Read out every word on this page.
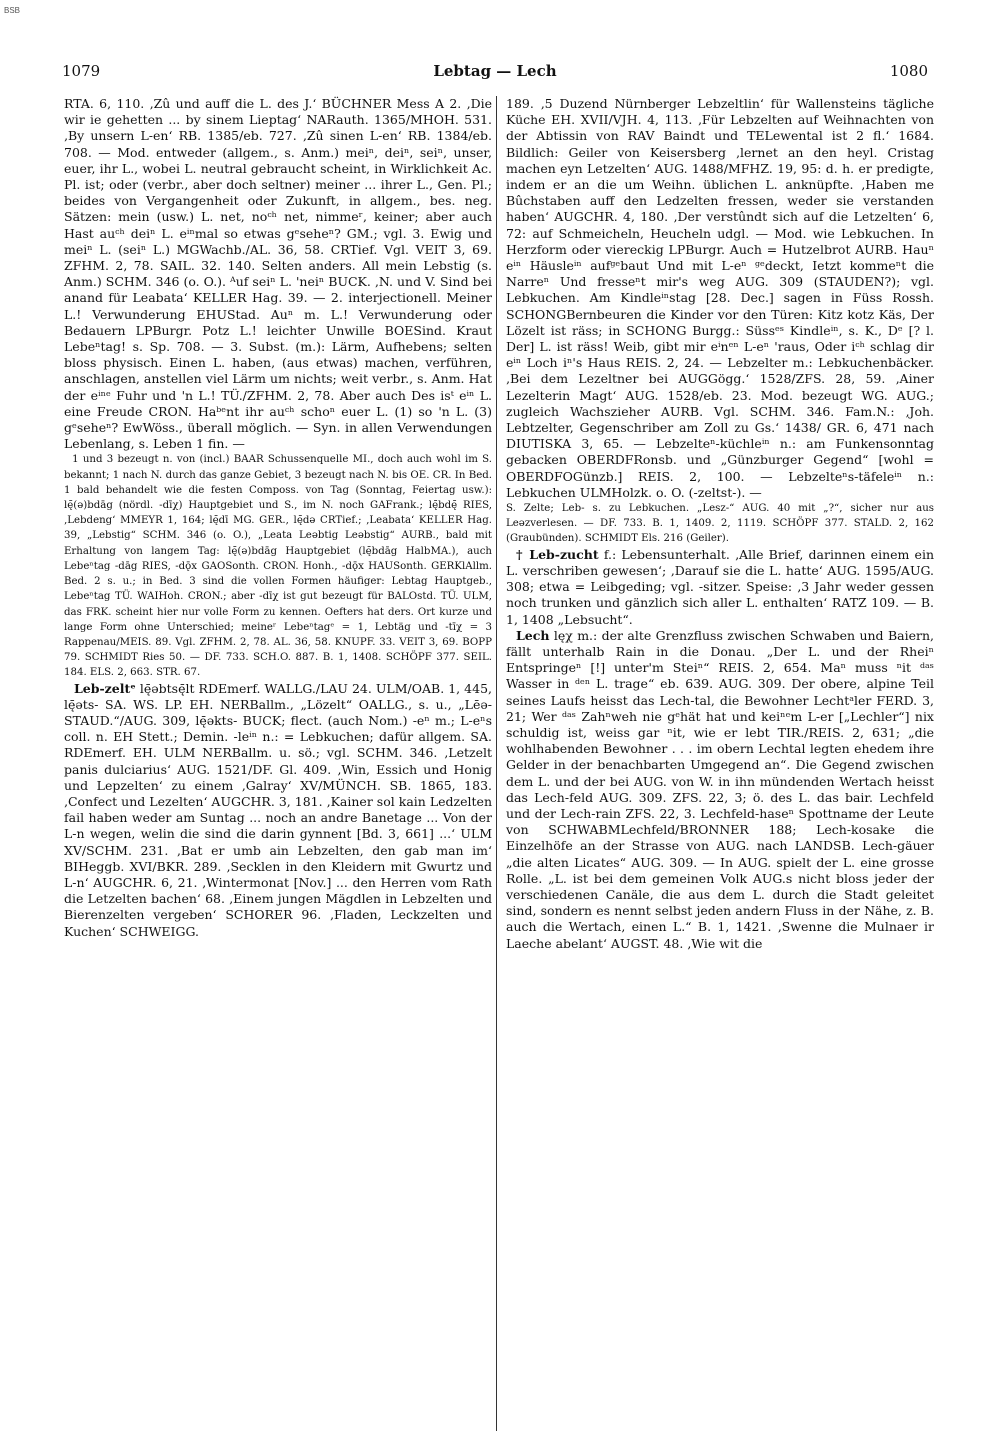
BSB
1079	Lebtag — Lech	1080

RTA. 6, 110. ‚Zû und auff die L. des J.‘ BÜCHNER Mess A 2. ‚Die wir ie gehetten ... by sinem Lieptag‘ NARauth. 1365/MHOH. 531. ‚By unsern L-en‘ RB. 1385/eb. 727. ‚Zû sinen L-en‘ RB. 1384/eb. 708. — Mod. entweder (allgem., s. Anm.) meiⁿ, deiⁿ, seiⁿ, unser, euer, ihr L., wobei L. neutral gebraucht scheint, in Wirklichkeit Ac. Pl. ist; oder (verbr., aber doch seltner) meiner ... ihrer L., Gen. Pl.; beides von Vergangenheit oder Zukunft, in allgem., bes. neg. Sätzen: mein (usw.) L. net, noᶜʰ net, nimmeʳ, keiner; aber auch Hast auᶜʰ deiⁿ L. eⁱⁿmal so etwas gᵉseheⁿ? GM.; vgl. 3. Ewig und meiⁿ L. (seiⁿ L.) MGWachb./AL. 36, 58. CRTief. Vgl. VEIT 3, 69. ZFHM. 2, 78. SAIL. 32. 140. Selten anders. All mein Lebstig (s. Anm.) SCHM. 346 (o. O.). ᴬuf seiⁿ L. 'neiⁿ BUCK. ‚N. und V. Sind bei anand für Leabata‘ KELLER Hag. 39. — 2. interjectionell. Meiner L.! Verwunderung EHUStad. Auⁿ m. L.! Verwunderung oder Bedauern LPBurgr. Potz L.! leichter Unwille BOESind. Kraut Lebeⁿtag! s. Sp. 708. — 3. Subst. (m.): Lärm, Aufhebens; selten bloss physisch. Einen L. haben, (aus etwas) machen, verführen, anschlagen, anstellen viel Lärm um nichts; weit verbr., s. Anm. Hat der eⁱⁿᵉ Fuhr und 'n L.! TÜ./ZFHM. 2, 78. Aber auch Des isᵗ eⁱⁿ L. eine Freude CRON. Haᵇᵉnt ihr auᶜʰ schoⁿ euer L. (1) so 'n L. (3) gᵉseheⁿ? EwWöss., überall möglich. — Syn. in allen Verwendungen Lebenlang, s. Leben 1 fin. —

1 und 3 bezeugt n. von (incl.) BAAR Schussenquelle MI., doch auch wohl im S. bekannt; 1 nach N. durch das ganze Gebiet, 3 bezeugt nach N. bis OE. CR. In Bed. 1 bald behandelt wie die festen Composs. von Tag (Sonntag, Feiertag usw.): lę̄(ə)bdāg (nördl. -dīχ) Hauptgebiet und S., im N. noch GAFrank.; lę̄bdę̄ RIES, ‚Lebdeng‘ MMEYR 1, 164; lę̄dī MG. GER., lę̄də CRTief.; ‚Leabata‘ KELLER Hag. 39, „Lebstig“ SCHM. 346 (o. O.), „Leata Leəbtig Leəbstig“ AURB., bald mit Erhaltung von langem Tag: lę̄(ə)bdāg Hauptgebiet (lę̄bdāg HalbMA.), auch Lebeⁿtag -dāg RIES, -dǭx GAOSonth. CRON. Honh., -dǭx HAUSonth. GERKlAllm. Bed. 2 s. u.; in Bed. 3 sind die vollen Formen häufiger: Lebtag Hauptgeb., Lebeⁿtag TÜ. WAIHoh. CRON.; aber -dīχ ist gut bezeugt für BALOstd. TÜ. ULM, das FRK. scheint hier nur volle Form zu kennen. Oefters hat ders. Ort kurze und lange Form ohne Unterschied; meineʳ Lebeⁿtagᵉ = 1, Lebtäg und -tīχ = 3 Rappenau/MEIS. 89. Vgl. ZFHM. 2, 78. AL. 36, 58. KNUPF. 33. VEIT 3, 69. BOPP 79. SCHMIDT Ries 50. — DF. 733. SCH.O. 887. B. 1, 1408. SCHÖPF 377. SEIL. 184. ELS. 2, 663. STR. 67.

Leb-zeltᵉ lę̄əbtsę̄lt RDEmerf. WALLG./LAU 24. ULM/OAB. 1, 445, lę̄əts- SA. WS. LP. EH. NERBallm., „Lözelt“ OALLG., s. u., „Lēə- STAUD.“/AUG. 309, lę̄əkts- BUCK; flect. (auch Nom.) -eⁿ m.; L-eⁿs coll. n. EH Stett.; Demin. -leⁱⁿ n.: = Lebkuchen; dafür allgem. SA. RDEmerf. EH. ULM NERBallm. u. sö.; vgl. SCHM. 346. ‚Letzelt panis dulciarius‘ AUG. 1521/DF. Gl. 409. ‚Win, Essich und Honig und Lepzelten‘ zu einem ‚Galray‘ XV/MÜNCH. SB. 1865, 183. ‚Confect und Lezelten‘ AUGCHR. 3, 181. ‚Kainer sol kain Ledzelten fail haben weder am Suntag ... noch an andre Banetage ... Von der L-n wegen, welin die sind die darin gynnent [Bd. 3, 661] ...‘ ULM XV/SCHM. 231. ‚Bat er umb ain Lebzelten, den gab man im‘ BIHeggb. XVI/BKR. 289. ‚Secklen in den Kleidern mit Gwurtz und L-n‘ AUGCHR. 6, 21. ‚Wintermonat [Nov.] ... den Herren vom Rath die Letzelten bachen‘ 68. ‚Einem jungen Mägdlen in Lebzelten und Bierenzelten vergeben‘ SCHORER 96. ‚Fladen, Leckzelten und Kuchen‘ SCHWEIGG.

189. ‚5 Duzend Nürnberger Lebzeltlin‘ für Wallensteins tägliche Küche EH. XVII/VJH. 4, 113. ‚Für Lebzelten auf Weihnachten von der Abtissin von RAV Baindt und TELewental ist 2 fl.‘ 1684. Bildlich: Geiler von Keisersberg ‚lernet an den heyl. Cristag machen eyn Letzelten‘ AUG. 1488/MFHZ. 19, 95: d. h. er predigte, indem er an die um Weihn. üblichen L. anknüpfte. ‚Haben me Bûchstaben auff den Ledzelten fressen, weder sie verstanden haben‘ AUGCHR. 4, 180. ‚Der verstûndt sich auf die Letzelten‘ 6, 72: auf Schmeicheln, Heucheln udgl. — Mod. wie Lebkuchen. In Herzform oder viereckig LPBurgr. Auch = Hutzelbrot AURB. Hauⁿ eⁱⁿ Häusleⁱⁿ aufᵍᵉbaut Und mit L-eⁿ ᵍᵉdeckt, Ietzt kommeⁿt die Narreⁿ Und fresseⁿt mir's weg AUG. 309 (STAUDEN?); vgl. Lebkuchen. Am Kindleⁱⁿstag [28. Dec.] sagen in Füss Rossh. SCHONGBernbeuren die Kinder vor den Türen: Kitz kotz Käs, Der Lözelt ist räss; in SCHONG Burgg.: Süssᵉˢ Kindleⁱⁿ, s. K., Dᵉ [? l. Der] L. ist räss! Weib, gibt mir eⁱnᵉⁿ L-eⁿ 'raus, Oder iᶜʰ schlag dir eⁱⁿ Loch iⁿ's Haus REIS. 2, 24. — Lebzelter m.: Lebkuchenbäcker. ‚Bei dem Lezeltner bei AUGGögg.‘ 1528/ZFS. 28, 59. ‚Ainer Lezelterin Magt‘ AUG. 1528/eb. 23. Mod. bezeugt WG. AUG.; zugleich Wachszieher AURB. Vgl. SCHM. 346. Fam.N.: ‚Joh. Lebtzelter, Gegenschriber am Zoll zu Gs.‘ 1438/ GR. 6, 471 nach DIUTISKA 3, 65. — Lebzelteⁿ-küchleⁱⁿ n.: am Funkensonntag gebacken OBERDFRonsb. und „Günzburger Gegend“ [wohl = OBERDFOGünzb.] REIS. 2, 100. — Lebzelteⁿs-täfeleⁱⁿ n.: Lebkuchen ULMHolzk. o. O. (-zeltst-). —

S. Zelte; Leb- s. zu Lebkuchen. „Lesz-“ AUG. 40 mit „?“, sicher nur aus Leəzverlesen. — DF. 733. B. 1, 1409. 2, 1119. SCHÖPF 377. STALD. 2, 162 (Graubünden). SCHMIDT Els. 216 (Geiler).

† Leb-zucht f.: Lebensunterhalt. ‚Alle Brief, darinnen einem ein L. verschriben gewesen‘; ‚Darauf sie die L. hatte‘ AUG. 1595/AUG. 308; etwa = Leibgeding; vgl. -sitzer. Speise: ‚3 Jahr weder gessen noch trunken und gänzlich sich aller L. enthalten‘ RATZ 109. — B. 1, 1408 „Lebsucht“.

Lech lęχ m.: der alte Grenzfluss zwischen Schwaben und Baiern, fällt unterhalb Rain in die Donau. „Der L. und der Rheiⁿ Entspringeⁿ [!] unter'm Steiⁿ“ REIS. 2, 654. Maⁿ muss ⁿit ᵈᵃˢ Wasser in ᵈᵉⁿ L. trage“ eb. 639. AUG. 309. Der obere, alpine Teil seines Laufs heisst das Lech-tal, die Bewohner Lechtᵃler FERD. 3, 21; Wer ᵈᵃˢ Zahⁿweh nie gᵉhät hat und keiⁿᵉm L-er [„Lechler“] nix schuldig ist, weiss gar ⁿit, wie er lebt TIR./REIS. 2, 631; „die wohlhabenden Bewohner . . . im obern Lechtal legten ehedem ihre Gelder in der benachbarten Umgegend an“. Die Gegend zwischen dem L. und der bei AUG. von W. in ihn mündenden Wertach heisst das Lech-feld AUG. 309. ZFS. 22, 3; ö. des L. das bair. Lechfeld und der Lech-rain ZFS. 22, 3. Lechfeld-haseⁿ Spottname der Leute von SCHWABMLechfeld/BRONNER 188; Lech-kosake die Einzelhöfe an der Strasse von AUG. nach LANDSB. Lech-gäuer „die alten Licates“ AUG. 309. — In AUG. spielt der L. eine grosse Rolle. „L. ist bei dem gemeinen Volk AUG.s nicht bloss jeder der verschiedenen Canäle, die aus dem L. durch die Stadt geleitet sind, sondern es nennt selbst jeden andern Fluss in der Nähe, z. B. auch die Wertach, einen L.“ B. 1, 1421. ‚Swenne die Mulnaer ir Laeche abelant‘ AUGST. 48. ‚Wie wit die
